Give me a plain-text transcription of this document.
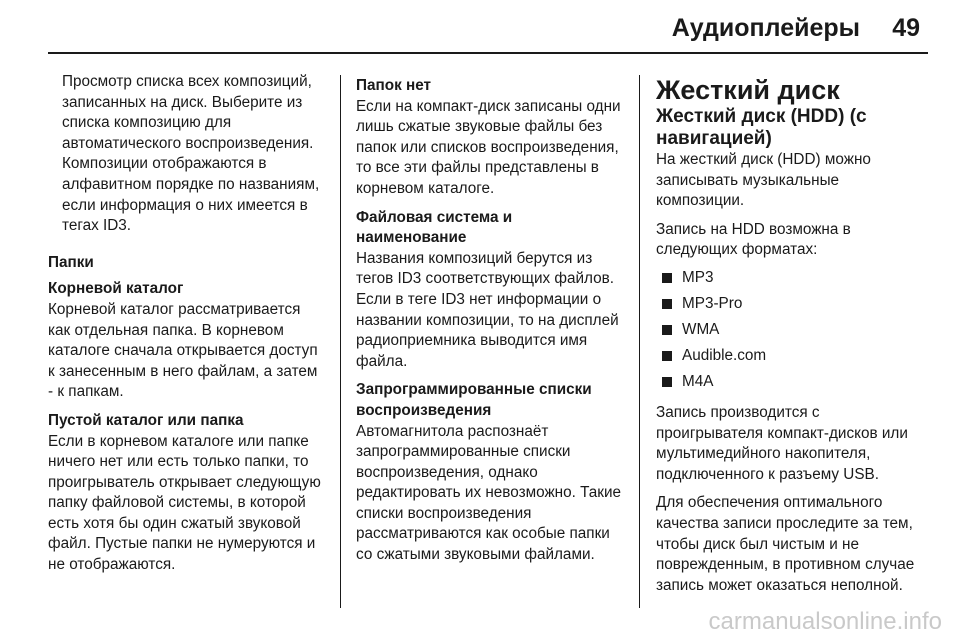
Аудиоплейеры 49

Просмотр списка всех композиций, записанных на диск. Выберите из списка композицию для автоматического воспроизведения. Композиции отображаются в алфавитном порядке по названиям, если информация о них имеется в тегах ID3.

Папки

Корневой каталог

Корневой каталог рассматривается как отдельная папка. В корневом каталоге сначала открывается доступ к занесенным в него файлам, а затем - к папкам.

Пустой каталог или папка

Если в корневом каталоге или папке ничего нет или есть только папки, то проигрыватель открывает следующую папку файловой системы, в которой есть хотя бы один сжатый звуковой файл. Пустые папки не нумеруются и не отображаются.

Папок нет

Если на компакт-диск записаны одни лишь сжатые звуковые файлы без папок или списков воспроизведения, то все эти файлы представлены в корневом каталоге.

Файловая система и наименование

Названия композиций берутся из тегов ID3 соответствующих файлов. Если в теге ID3 нет информации о названии композиции, то на дисплей радиоприемника выводится имя файла.

Запрограммированные списки воспроизведения

Автомагнитола распознаёт запрограммированные списки воспроизведения, однако редактировать их невозможно. Такие списки воспроизведения рассматриваются как особые папки со сжатыми звуковыми файлами.

Жесткий диск

Жесткий диск (HDD) (с навигацией)

На жесткий диск (HDD) можно записывать музыкальные композиции.

Запись на HDD возможна в следующих форматах:

MP3
MP3-Pro
WMA
Audible.com
M4A

Запись производится с проигрывателя компакт-дисков или мультимедийного накопителя, подключенного к разъему USB.

Для обеспечения оптимального качества записи проследите за тем, чтобы диск был чистым и не поврежденным, в противном случае запись может оказаться неполной.

carmanualsonline.info
